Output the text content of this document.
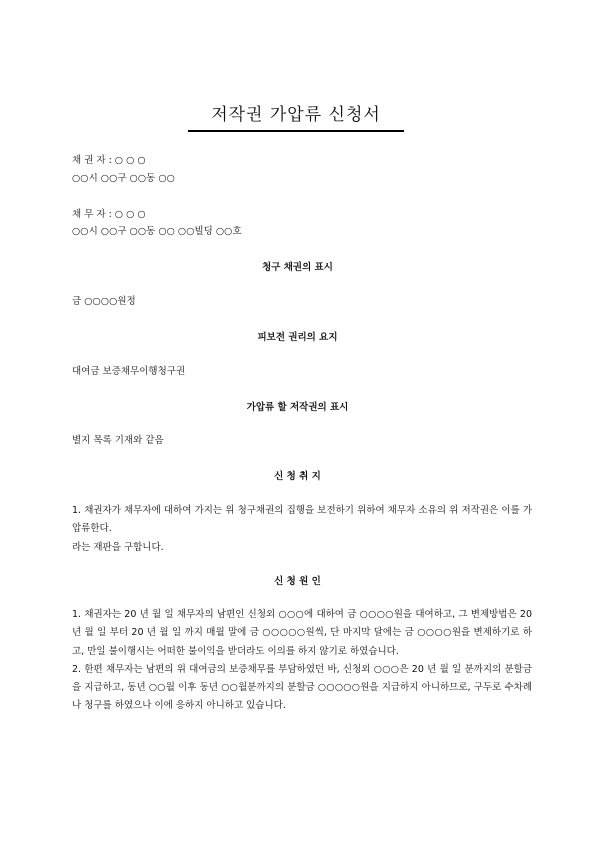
저작권 가압류 신청서
채 권 자 : ○ ○ ○
○○시 ○○구 ○○동 ○○
채 무 자 : ○ ○ ○
○○시 ○○구 ○○동 ○○ ○○빌딩 ○○호
청구 채권의 표시
금 ○○○○원정
피보전 권리의 요지
대여금 보증채무이행청구권
가압류 할 저작권의 표시
별지 목록 기재와 같음
신 청 취 지

1. 채권자가 채무자에 대하여 가지는 위 청구채권의 집행을 보전하기 위하여 채무자 소유의 위 저작권은 이를 가압류한다.

라는 재판을 구합니다.

신 청 원 인

1. 채권자는 20 년 월 일 채무자의 남편인 신청외 ○○○에 대하여 금 ○○○○원을 대여하고, 그 변제방법은 20 년 월 일 부터 20 년 월 일 까지 매월 말에 금 ○○○○○원씩, 단 마지막 달에는 금 ○○○○원을 변제하기로 하고, 만일 불이행시는 어떠한 불이익을 받더라도 이의를 하지 않기로 하였습니다.

2. 한편 채무자는 남편의 위 대여금의 보증채무를 부담하였던 바, 신청외 ○○○은 20 년 월 일 분까지의 분할금을 지급하고, 동년 ○○월 이후 동년 ○○월분까지의 분할금 ○○○○○원을 지급하지 아니하므로, 구두로 수차례나 청구를 하였으나 이에 응하지 아니하고 있습니다.
